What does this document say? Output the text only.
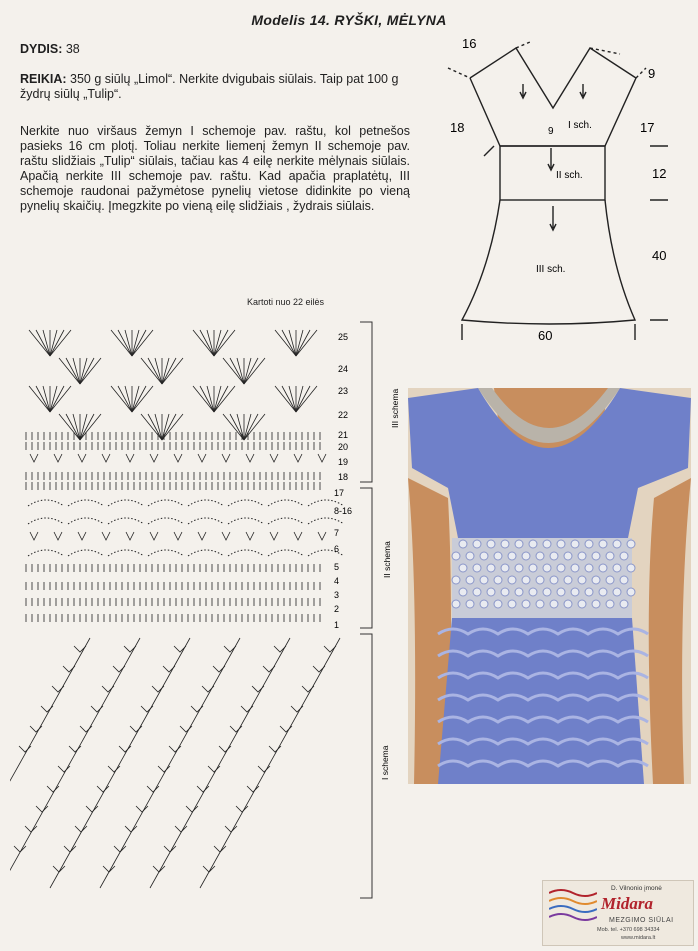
Modelis 14. RYŠKI, MĖLYNA
DYDIS: 38
REIKIA: 350 g siūlų „Limol“. Nerkite dvigubais siūlais. Taip pat 100 g žydrų siūlų „Tulip“.
Nerkite nuo viršaus žemyn I schemoje pav. raštu, kol petnešos pasieks 16 cm plotį. Toliau nerkite liemenį žemyn II schemoje pav. raštu slidžiais „Tulip“ siūlais, tačiau kas 4 eilę nerkite mėlynais siūlais. Apačią nerkite III schemoje pav. raštu. Kad apačia praplatėtų, III schemoje raudonai pažymėtose pynelių vietose didinkite po vieną pynelių skaičių. Įmegzkite po vieną eilę slidžiais , žydrais siūlais.
16
9
18	17
9
12
40
60
I sch.
II sch.
III sch.
Kartoti nuo 22 eilės
25
24
23
22
21
20
19
18
17
8-16
7
6
5
4
3
2
1
III schema
II schema
I schema
D. Vilnonio įmonė
Midara
MEZGIMO SIŪLAI
Mob. tel. +370 698 34334
www.midara.lt
